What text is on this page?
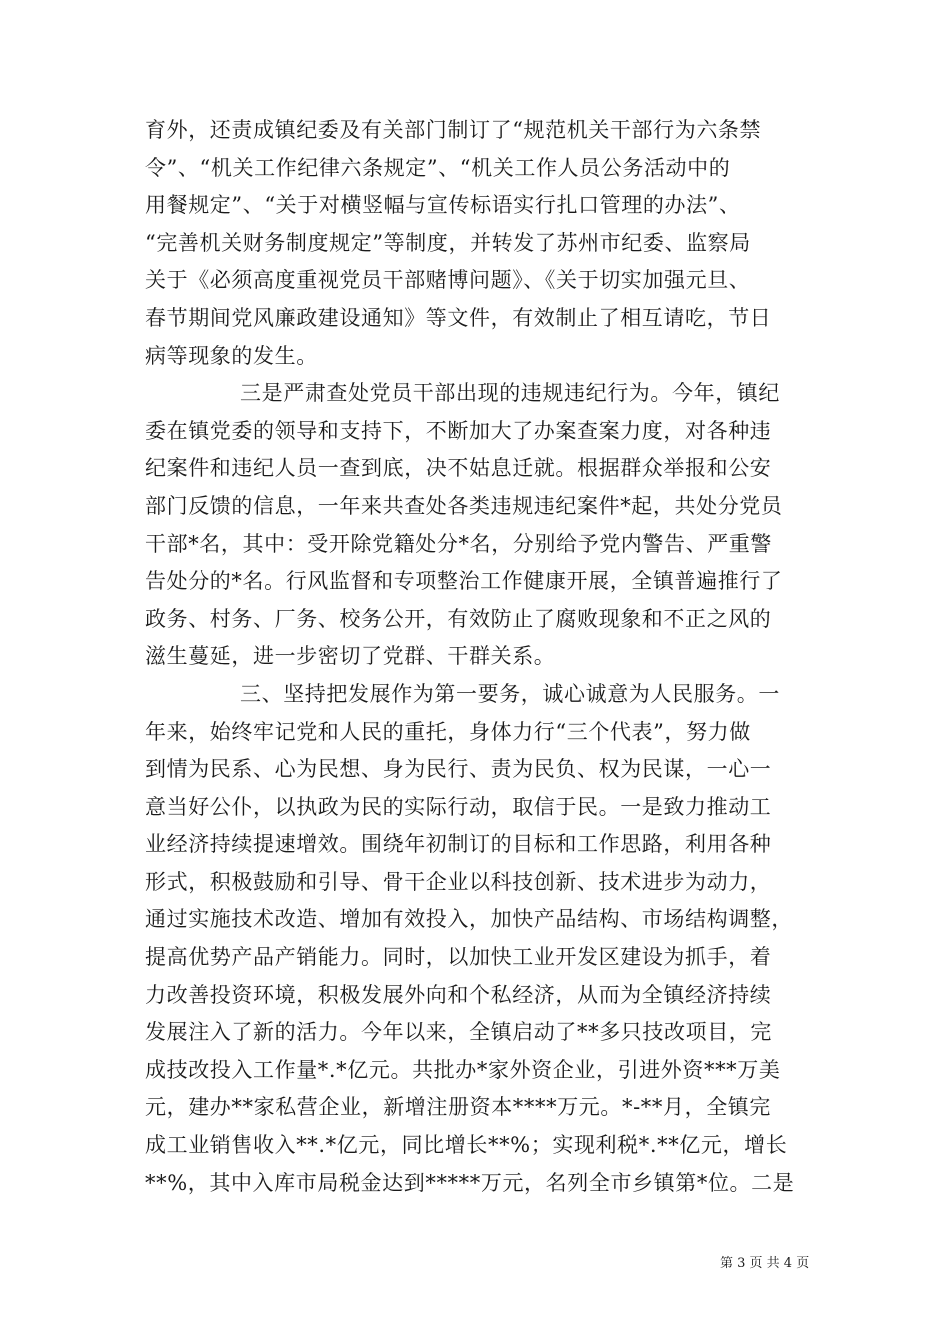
育外，还责成镇纪委及有关部门制订了“规范机关干部行为六条禁
令”、“机关工作纪律六条规定”、“机关工作人员公务活动中的
用餐规定”、“关于对横竖幅与宣传标语实行扎口管理的办法”、
“完善机关财务制度规定”等制度，并转发了苏州市纪委、监察局
关于《必须高度重视党员干部赌博问题》、《关于切实加强元旦、
春节期间党风廉政建设通知》等文件，有效制止了相互请吃，节日
病等现象的发生。
三是严肃查处党员干部出现的违规违纪行为。今年，镇纪
委在镇党委的领导和支持下，不断加大了办案查案力度，对各种违
纪案件和违纪人员一查到底，决不姑息迁就。根据群众举报和公安
部门反馈的信息，一年来共查处各类违规违纪案件*起，共处分党员
干部*名，其中：受开除党籍处分*名，分别给予党内警告、严重警
告处分的*名。行风监督和专项整治工作健康开展，全镇普遍推行了
政务、村务、厂务、校务公开，有效防止了腐败现象和不正之风的
滋生蔓延，进一步密切了党群、干群关系。
三、坚持把发展作为第一要务，诚心诚意为人民服务。一
年来，始终牢记党和人民的重托，身体力行“三个代表”，努力做
到情为民系、心为民想、身为民行、责为民负、权为民谋，一心一
意当好公仆，以执政为民的实际行动，取信于民。一是致力推动工
业经济持续提速增效。围绕年初制订的目标和工作思路，利用各种
形式，积极鼓励和引导、骨干企业以科技创新、技术进步为动力，
通过实施技术改造、增加有效投入，加快产品结构、市场结构调整，
提高优势产品产销能力。同时，以加快工业开发区建设为抓手，着
力改善投资环境，积极发展外向和个私经济，从而为全镇经济持续
发展注入了新的活力。今年以来，全镇启动了**多只技改项目，完
成技改投入工作量*.*亿元。共批办*家外资企业，引进外资***万美
元，建办**家私营企业，新增注册资本****万元。*-**月，全镇完
成工业销售收入**.*亿元，同比增长**%；实现利税*.**亿元，增长
**%，其中入库市局税金达到*****万元，名列全市乡镇第*位。二是
第 3 页 共 4 页
